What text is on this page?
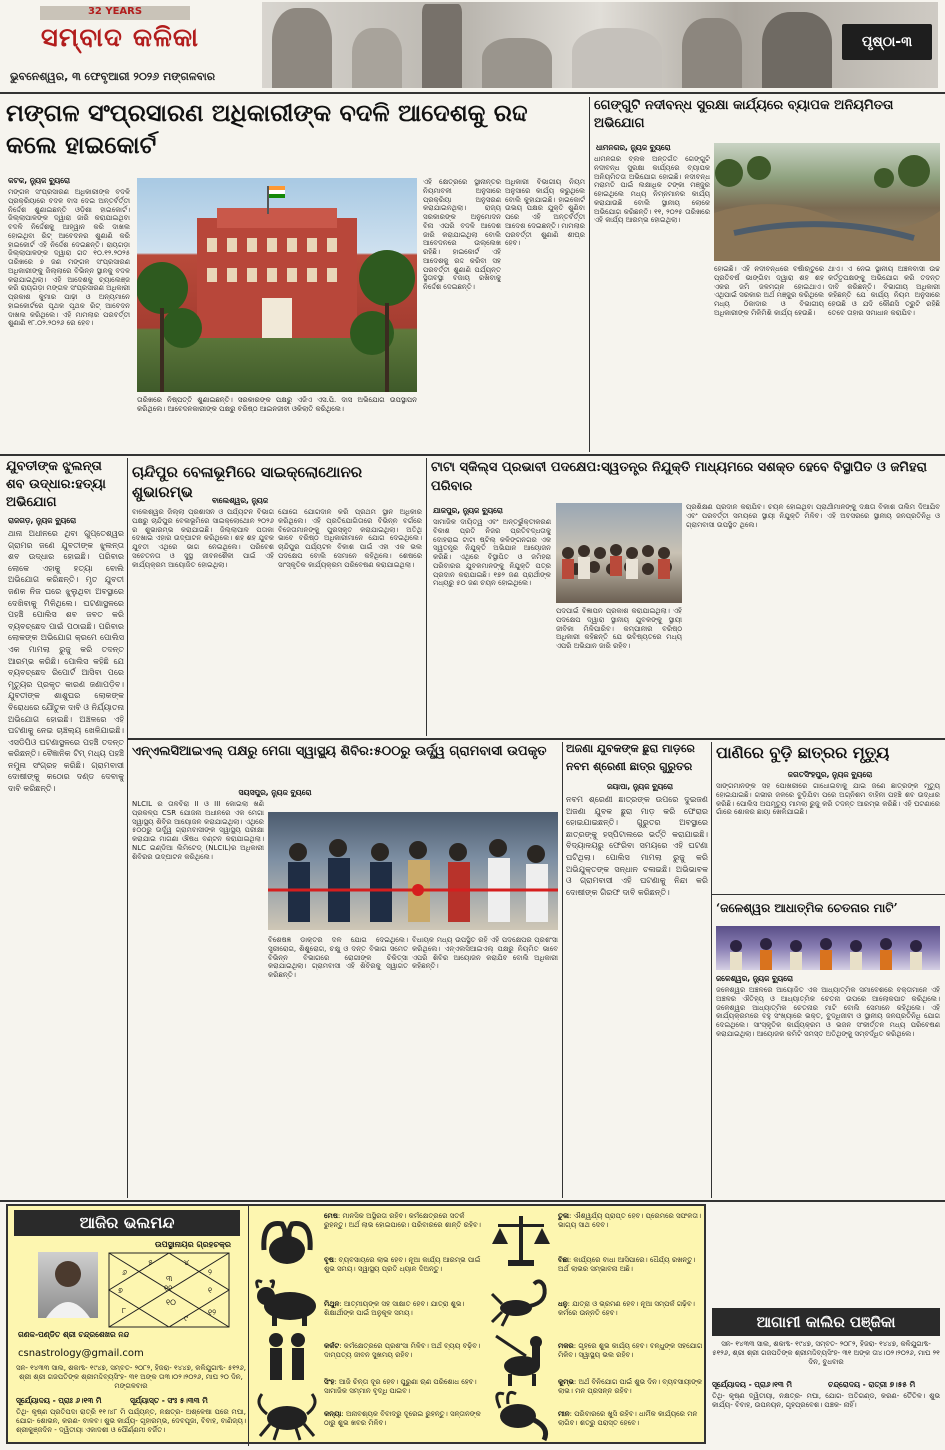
32 YEARS
ସମ୍ବାଦ କଳିକା
ଭୁବନେଶ୍ୱର, ୩ ଫେବୃଆରୀ ୨୦୨୬ ମଙ୍ଗଳବାର
ପୃଷ୍ଠା-୩
ମଙ୍ଗଳ ସଂପ୍ରସାରଣ ଅଧିକାରୀଙ୍କ ବଦଳି ଆଦେଶକୁ ରଦ୍ଦ କଲେ ହାଇକୋର୍ଟ
କଟକ, ନ୍ୟୁଜ ବ୍ୟୁରୋ
ମଙ୍ଗଳ ସଂପ୍ରସାରଣ ଅଧିକାରୀଙ୍କ ବଦଳି ପ୍ରକ୍ରିୟାରେ ବଦଳ ବାସ ଦେଇ ଅନ୍ତର୍ବର୍ତ୍ତୀ ନିର୍ଦ୍ଦେଶ ଶୁଣାଇଛନ୍ତି ଓଡ଼ିଶା ହାଇକୋର୍ଟ। ଜିଲ୍ଲାପାଳଙ୍କ ଦ୍ୱାରା ଜାରି କରାଯାଇଥିବା ବଦଳି ନିର୍ଦ୍ଦେଶକୁ ଆହ୍ୱାନ କରି ଦାଖଲ ହୋଇଥିବା ରିଟ୍ ଆବେଦନର ଶୁଣାଣି କରି ହାଇକୋର୍ଟ ଏହି ନିର୍ଦ୍ଦେଶ ଦେଇଛନ୍ତି। ରାୟଗଡ଼ା ଜିଲ୍ଲାପାଳଙ୍କ ଦ୍ୱାରା ଗତ ୧୦.୧୨.୨୦୨୫ ତାରିଖରେ ୭ ଜଣ ମଙ୍ଗଳ ସଂପ୍ରସାରଣ ଅଧିକାରୀଙ୍କୁ ଜିଲ୍ଲାରେ ବିଭିନ୍ନ ସ୍ଥାନକୁ ବଦଳ କରାଯାଇଥିଲା। ଏହି ଆଦେଶକୁ ଚ୍ୟାଲେଞ୍ଜ କରି ରାୟଗଡ଼ା ମଙ୍ଗଳ ସଂପ୍ରସାରଣ ଅଧିକାରୀ ପ୍ରକାଶ କୁମାର ପାଢ଼ୀ ଓ ଅନ୍ୟମାନେ ହାଇକୋର୍ଟରେ ପୃଥକ ପୃଥକ ରିଟ୍ ଆବେଦନ ଦାଖଲ କରିଥିଲେ। ଏହି ମାମଲାର ପରବର୍ତ୍ତୀ ଶୁଣାଣି ୧୮.୦୨.୨୦୨୬ ରେ ହେବ।
ତାରିଖରେ ନିଷ୍ପତ୍ତି ଶୁଣାଇଛନ୍ତି। ସରକାରଙ୍କ ପକ୍ଷରୁ ଏଜିଏ ଏସ.ପି. ଦାସ ଅଭିଯୋଗ ଉପସ୍ଥାପନ କରିଥିଲେ। ଆବେଦନକାରୀଙ୍କ ପକ୍ଷରୁ ବରିଷ୍ଠ ଆଇନଜୀବୀ ଓକିଲାତି କରିଥିଲେ।
ଏହି କ୍ଷେତ୍ରରେ ସ୍ଥାନାନ୍ତର ନିୟମାବଳୀ ଅନୁସାରେ ପ୍ରକ୍ରିୟା ଅନୁସରଣ କରାଯାଇନଥିଲା। ରାଜ୍ୟ ସରକାରଙ୍କ ଅନୁମୋଦନ ବିନା ଏପରି ବଦଳି ଆଦେଶ ଜାରି କରାଯାଇଥିଲା ବୋଲି ଆବେଦନରେ ଉଲ୍ଲେଖ ରହିଛି। ହାଇକୋର୍ଟ ଏହି ଆଦେଶକୁ ରଦ୍ଦ କରିବା ସହ ପରବର୍ତ୍ତୀ ଶୁଣାଣି ପର୍ଯ୍ୟନ୍ତ ସ୍ଥିତାବସ୍ଥା ବଜାୟ ରଖିବାକୁ ନିର୍ଦ୍ଦେଶ ଦେଇଛନ୍ତି।
ଅଧିକାରୀ ବିଭାଗୀୟ ନିୟମ ଅନୁସାରେ କାର୍ଯ୍ୟ କରୁଥିଲେ ବୋଲି କୁହାଯାଇଛି। ହାଇକୋର୍ଟ ଉଭୟ ପକ୍ଷର ଯୁକ୍ତି ଶୁଣିବା ପରେ ଏହି ଅନ୍ତର୍ବର୍ତ୍ତୀ ଆଦେଶ ଦେଇଛନ୍ତି। ମାମଲାର ପରବର୍ତ୍ତୀ ଶୁଣାଣି ଶୀଘ୍ର ହେବ।
ଗେଙ୍ଗୁଟି ନଦୀବନ୍ଧ ସୁରକ୍ଷା କାର୍ଯ୍ୟରେ ବ୍ୟାପକ ଅନିୟମିତତା ଅଭିଯୋଗ
ଧାମନଗର, ନ୍ୟୁଜ ବ୍ୟୁରୋ
ଧାମନଗର ବ୍ଲକ ଅନ୍ତର୍ଗତ ଗେଙ୍ଗୁଟି ନଦୀବନ୍ଧ ସୁରକ୍ଷା କାର୍ଯ୍ୟରେ ବ୍ୟାପକ ଅନିୟମିତତା ଅଭିଯୋଗ ହୋଇଛି। ନଦୀବନ୍ଧ ମରାମତି ପାଇଁ ଲକ୍ଷାଧିକ ଟଙ୍କା ମଞ୍ଜୁର ହୋଇଥିଲେ ମଧ୍ୟ ନିମ୍ନମାନର କାର୍ଯ୍ୟ କରାଯାଉଛି ବୋଲି ସ୍ଥାନୀୟ ଲୋକେ ଅଭିଯୋଗ କରିଛନ୍ତି। ୧୧, ୨୦୨୫ ତାରିଖରେ ଏହି କାର୍ଯ୍ୟ ଆରମ୍ଭ ହୋଇଥିଲା।
ହୋଇଛି। ଏହି ନଦୀବନ୍ଧରେ ବର୍ଷାଋତୁରେ ପ୍ରତିବର୍ଷ ଭାଙ୍ଗିବା ଦ୍ୱାରା ଶହ ଶହ ଏକର ଜମି ଜଳମଗ୍ନ ହୋଇଥାଏ। ଏଥିପାଇଁ ସରକାର ଅର୍ଥ ମଞ୍ଜୁର କରିଥିଲେ ମଧ୍ୟ ଠିକାଦାର ଓ ବିଭାଗୀୟ ଅଧିକାରୀଙ୍କ ମିଳିମିଶି କାର୍ଯ୍ୟ ହେଉଛି।
ଥାଏ। ଏ ନେଇ ସ୍ଥାନୀୟ ଅଞ୍ଚଳବାସୀ ଉଚ୍ଚ କର୍ତ୍ତୃପକ୍ଷଙ୍କୁ ଅଭିଯୋଗ କରି ତଦନ୍ତ ଦାବି କରିଛନ୍ତି। ବିଭାଗୀୟ ଅଧିକାରୀ କହିଛନ୍ତି ଯେ କାର୍ଯ୍ୟ ନିୟମ ଅନୁସାରେ ହେଉଛି ଓ ଯଦି କୌଣସି ତ୍ରୁଟି ରହିଛି ତେବେ ତାହାର ସମାଧାନ କରାଯିବ।
ଯୁବତୀଙ୍କ ଝୁଲନ୍ତା ଶବ ଉଦ୍ଧାର:ହତ୍ୟା ଅଭିଯୋଗ
ରାଜଗଡ଼, ନ୍ୟୁଜ ବ୍ୟୁରୋ
ଥାନା ଅଧୀନରେ ଥିବା ଗୁପ୍ତେଶ୍ୱର ଗ୍ରାମର ଜଣେ ଯୁବତୀଙ୍କ ଝୁଲନ୍ତା ଶବ ଉଦ୍ଧାର ହୋଇଛି। ପରିବାର ଲୋକେ ଏହାକୁ ହତ୍ୟା ବୋଲି ଅଭିଯୋଗ କରିଛନ୍ତି। ମୃତ ଯୁବତୀ ଜଣକ ନିଜ ଘରେ ଝୁଲୁଥିବା ଅବସ୍ଥାରେ ଦେଖିବାକୁ ମିଳିଥିଲେ। ଘଟଣାସ୍ଥଳରେ ପହଞ୍ଚି ପୋଲିସ ଶବ ଜବତ କରି ବ୍ୟବଚ୍ଛେଦ ପାଇଁ ପଠାଇଛି। ପରିବାର ଲୋକଙ୍କ ଅଭିଯୋଗ କ୍ରମେ ପୋଲିସ ଏକ ମାମଲା ରୁଜୁ କରି ତଦନ୍ତ ଆରମ୍ଭ କରିଛି। ପୋଲିସ କହିଛି ଯେ ବ୍ୟବଚ୍ଛେଦ ରିପୋର୍ଟ ଆସିବା ପରେ ମୃତ୍ୟୁର ପ୍ରକୃତ କାରଣ ଜଣାପଡ଼ିବ। ଯୁବତୀଙ୍କ ଶାଶୁଘର ଲୋକଙ୍କ ବିରୋଧରେ ଯୌତୁକ ଦାବି ଓ ନିର୍ଯ୍ୟାତନା ଅଭିଯୋଗ ହୋଇଛି। ଅଞ୍ଚଳରେ ଏହି ଘଟଣାକୁ ନେଇ ଚାଞ୍ଚଲ୍ୟ ଖେଳିଯାଇଛି। ଏସଡିପିଓ ଘଟଣାସ୍ଥଳରେ ପହଞ୍ଚି ତଦନ୍ତ କରିଛନ୍ତି। ବୈଜ୍ଞାନିକ ଟିମ୍ ମଧ୍ୟ ପହଞ୍ଚି ନମୁନା ସଂଗ୍ରହ କରିଛି। ଗ୍ରାମବାସୀ ଦୋଷୀଙ୍କୁ କଠୋର ଦଣ୍ଡ ଦେବାକୁ ଦାବି କରିଛନ୍ତି।
ଚାନ୍ଦିପୁର ବେଳାଭୂମିରେ ସାଇକ୍ଲୋଥୋନର ଶୁଭାରମ୍ଭ	ବାଲେଶ୍ୱର, ନ୍ୟୁଜ
ବାଲେଶ୍ୱର ଜିଲ୍ଲା ପ୍ରଶାସନ ଓ ପର୍ଯ୍ୟଟନ ବିଭାଗ ପକ୍ଷରୁ ଚାନ୍ଦିପୁର ବେଳାଭୂମିରେ ସାଇକ୍ଲୋଥୋନ ୨୦୨୬ ର ଶୁଭାରମ୍ଭ କରାଯାଇଛି। ଜିଲ୍ଲାପାଳ ପତାକା ଦେଖାଇ ଏହାର ଉଦ୍‌ଘାଟନ କରିଥିଲେ। ଶହ ଶହ ଯୁବକ ଯୁବତୀ ଏଥିରେ ଭାଗ ନେଇଥିଲେ। ପରିବେଶ ସଚେତନତା ଓ ସୁସ୍ଥ ଜୀବନଶୈଳୀ ପାଇଁ ଏହି କାର୍ଯ୍ୟକ୍ରମ ଆୟୋଜିତ ହୋଇଥିଲା।
ଯୋଗେ ଯୋଗଦାନ କରି ପ୍ରଥମ ସ୍ଥାନ ଅଧିକାର କରିଥିଲେ। ଏହି ପ୍ରତିଯୋଗିତାରେ ବିଭିନ୍ନ ବର୍ଗରେ ବିଜେତାମାନଙ୍କୁ ପୁରସ୍କୃତ କରାଯାଇଥିଲା। ଅତିଥି ଭାବେ ବରିଷ୍ଠ ଅଧିକାରୀମାନେ ଯୋଗ ଦେଇଥିଲେ। ଚାନ୍ଦିପୁର ପର୍ଯ୍ୟଟନ ବିକାଶ ପାଇଁ ଏହା ଏକ ଭଲ ପଦକ୍ଷେପ ବୋଲି ସେମାନେ କହିଥିଲେ। ଶେଷରେ ସାଂସ୍କୃତିକ କାର୍ଯ୍ୟକ୍ରମ ପରିବେଷଣ କରାଯାଇଥିଲା।
ଟାଟା ସ୍କିଲ୍ସ ପ୍ରଭାବୀ ପଦକ୍ଷେପ:ସ୍ୱତନ୍ତ୍ର ନିଯୁକ୍ତି ମାଧ୍ୟମରେ ସଶକ୍ତ ହେବେ ବିସ୍ଥାପିତ ଓ ଜମିହରା ପରିବାର
ଯାଜପୁର, ନ୍ୟୁଜ ବ୍ୟୁରୋ
ସାମାଜିକ ଦାୟିତ୍ୱ ଏବଂ ଅନ୍ତର୍ଭୁକ୍ତୀକରଣ ବିକାଶ ପ୍ରତି ନିଜର ପ୍ରତିବଦ୍ଧତାକୁ ଦୋହରାଇ ଟାଟା ଷ୍ଟିଲ୍ କଳିଙ୍ଗନଗର ଏକ ସ୍ୱତନ୍ତ୍ର ନିଯୁକ୍ତି ଅଭିଯାନ ଆୟୋଜନ କରିଛି। ଏଥିରେ ବିସ୍ଥାପିତ ଓ ଜମିହରା ପରିବାରର ଯୁବକମାନଙ୍କୁ ନିଯୁକ୍ତି ପତ୍ର ପ୍ରଦାନ କରାଯାଇଛି। ୧୭୨ ଜଣ ପ୍ରାର୍ଥୀଙ୍କ ମଧ୍ୟରୁ ୫୦ ଜଣ ଚୟନ ହୋଇଥିଲେ।
ପଦପାଇଁ ବିଜ୍ଞାପନ ପ୍ରକାଶ କରାଯାଇଥିଲା। ଏହି ପଦକ୍ଷେପ ଦ୍ୱାରା ସ୍ଥାନୀୟ ଯୁବକଙ୍କୁ ସ୍ଥାୟୀ ଜୀବିକା ମିଳିପାରିବ। କମ୍ପାନୀର ବରିଷ୍ଠ ଅଧିକାରୀ କହିଛନ୍ତି ଯେ ଭବିଷ୍ୟତରେ ମଧ୍ୟ ଏପରି ଅଭିଯାନ ଜାରି ରହିବ।
ପ୍ରଶିକ୍ଷଣ ପ୍ରଦାନ କରାଯିବ। ଚୟନ ହୋଇଥିବା ପ୍ରାର୍ଥୀମାନଙ୍କୁ ଦକ୍ଷତା ବିକାଶ ତାଲିମ ଦିଆଯିବ ଏବଂ ପରବର୍ତ୍ତୀ ସମୟରେ ସ୍ଥାୟୀ ନିଯୁକ୍ତି ମିଳିବ। ଏହି ଅବସରରେ ସ୍ଥାନୀୟ ଜନପ୍ରତିନିଧି ଓ ଗ୍ରାମବାସୀ ଉପସ୍ଥିତ ଥିଲେ।
ଏନ୍‌ଏଲସିଆଇଏଲ୍ ପକ୍ଷରୁ ମେଗା ସ୍ୱାସ୍ଥ୍ୟ ଶିବିର:୫୦୦ରୁ ଊର୍ଦ୍ଧ୍ୱ ଗ୍ରାମବାସୀ ଉପକୃତ
ସୟସପୁର, ନ୍ୟୁଜ ବ୍ୟୁରୋ
NLCIL ର ତାଳବିରା II ଓ III କୋଇଲା ଖଣି ପ୍ରକଳ୍ପ CSR ଯୋଜନା ଅଧୀନରେ ଏକ ମେଗା ସ୍ୱାସ୍ଥ୍ୟ ଶିବିର ଆୟୋଜନ କରାଯାଇଥିଲା। ଏଥିରେ ୫୦୦ରୁ ଊର୍ଦ୍ଧ୍ୱ ଗ୍ରାମବାସୀଙ୍କ ସ୍ୱାସ୍ଥ୍ୟ ପରୀକ୍ଷା କରାଯାଇ ମାଗଣା ଔଷଧ ବଣ୍ଟନ କରାଯାଇଥିଲା। NLC ଇଣ୍ଡିଆ ଲିମିଟେଡ୍ (NLCIL)ର ଅଧିକାରୀ ଶିବିରର ଉଦ୍‌ଘାଟନ କରିଥିଲେ।
ବିଶେଷଜ୍ଞ ଡାକ୍ତର ଦଳ ଯୋଗ ଦେଇଥିଲେ। ସ୍ତ୍ରୀରୋଗ, ଶିଶୁରୋଗ, ଚକ୍ଷୁ ଓ ଦନ୍ତ ବିଭାଗ ସମେତ ବିଭିନ୍ନ ବିଭାଗରେ ରୋଗୀଙ୍କ ଚିକିତ୍ସା କରାଯାଇଥିଲା। ଗ୍ରାମବାସୀ ଏହି ଶିବିରକୁ ସ୍ୱାଗତ କରିଛନ୍ତି।
ବିଧାୟକ ମଧ୍ୟ ଉପସ୍ଥିତ ରହି ଏହି ପଦକ୍ଷେପର ପ୍ରଶଂସା କରିଥିଲେ। ଏନ୍‌ଏଲସିଆଇଏଲ୍ ପକ୍ଷରୁ ନିୟମିତ ଭାବେ ଏପରି ଶିବିର ଆୟୋଜନ କରାଯିବ ବୋଲି ଅଧିକାରୀ କହିଛନ୍ତି।
ଅଜଣା ଯୁବକଙ୍କ ଛୁରା ମାଡ଼ରେ
ନବମ ଶ୍ରେଣୀ ଛାତ୍ର ଗୁରୁତର
ଜୟାପା, ନ୍ୟୁଜ ବ୍ୟୁରୋ
ନବମ ଶ୍ରେଣୀ ଛାତ୍ରଙ୍କ ଉପରେ ଦୁଇଜଣ ଅଜଣା ଯୁବକ ଛୁରା ମାଡ଼ କରି ଫେରାର ହୋଇଯାଇଛନ୍ତି। ଗୁରୁତର ଅବସ୍ଥାରେ ଛାତ୍ରଙ୍କୁ ହସ୍ପିଟାଲରେ ଭର୍ତ୍ତି କରାଯାଇଛି। ବିଦ୍ୟାଳୟରୁ ଫେରିବା ସମୟରେ ଏହି ଘଟଣା ଘଟିଥିଲା। ପୋଲିସ ମାମଲା ରୁଜୁ କରି ଅଭିଯୁକ୍ତଙ୍କ ସନ୍ଧାନ ଚଳାଇଛି। ଅଭିଭାବକ ଓ ଗ୍ରାମବାସୀ ଏହି ଘଟଣାକୁ ନିନ୍ଦା କରି ଦୋଷୀଙ୍କ ଗିରଫ ଦାବି କରିଛନ୍ତି।
ପାଣିରେ ବୁଡ଼ି ଛାତ୍ରର ମୃତ୍ୟୁ
ଜଗତସିଂହପୁର, ନ୍ୟୁଜ ବ୍ୟୁରୋ
ସାଙ୍ଗମାନଙ୍କ ସହ ପୋଖରୀରେ ଗାଧୋଇବାକୁ ଯାଇ ଜଣେ ଛାତ୍ରଙ୍କ ମୃତ୍ୟୁ ହୋଇଯାଇଛି। ଗଭୀର ଜଳରେ ବୁଡ଼ିଯିବା ପରେ ଅଗ୍ନିଶମ ବାହିନୀ ପହଞ୍ଚି ଶବ ଉଦ୍ଧାର କରିଛି। ପୋଲିସ ଅପମୃତ୍ୟୁ ମାମଲା ରୁଜୁ କରି ତଦନ୍ତ ଆରମ୍ଭ କରିଛି। ଏହି ଘଟଣାରେ ଗାଁରେ ଶୋକର ଛାୟା ଖେଳିଯାଇଛି।
‘ଜଳେଶ୍ୱର ଆଧାତ୍ମିକ ଚେତନାର ମାଟି’
ଜଳେଶ୍ୱର, ନ୍ୟୁଜ ବ୍ୟୁରୋ
ଜଳେଶ୍ୱର ଅଞ୍ଚଳରେ ଆୟୋଜିତ ଏକ ଆଧ୍ୟାତ୍ମିକ ସମାବେଶରେ ବକ୍ତାମାନେ ଏହି ଅଞ୍ଚଳର ଐତିହ୍ୟ ଓ ଆଧ୍ୟାତ୍ମିକ ଚେତନା ଉପରେ ଆଲୋକପାତ କରିଥିଲେ। ଜଳେଶ୍ୱର ଆଧ୍ୟାତ୍ମିକ ଚେତନାର ମାଟି ବୋଲି ସେମାନେ କହିଥିଲେ। ଏହି କାର୍ଯ୍ୟକ୍ରମରେ ବହୁ ସଂଖ୍ୟାରେ ଭକ୍ତ, ବୁଦ୍ଧିଜୀବୀ ଓ ସ୍ଥାନୀୟ ଜନପ୍ରତିନିଧି ଯୋଗ ଦେଇଥିଲେ। ସାଂସ୍କୃତିକ କାର୍ଯ୍ୟକ୍ରମ ଓ ଭଜନ ସଂକୀର୍ତ୍ତନ ମଧ୍ୟ ପରିବେଷଣ କରାଯାଇଥିଲା। ଆୟୋଜକ କମିଟି ସମସ୍ତ ଅତିଥିଙ୍କୁ ସମ୍ବର୍ଦ୍ଧିତ କରିଥିଲେ।
ଆଜିର ଭଲମନ୍ଦ
ଉପସ୍ଥାନାୟର ଗ୍ରହଚକ୍ର
୫	୪
୨
୬
୩
୧୧
୭	୧
୮
୧୦
୯
୧୨
ଗଣକ-ପଣ୍ଡିତ ଶ୍ରୀ ଚନ୍ଦ୍ରଶେଖର ନନ୍ଦ
csnastrology@gmail.com
ସନ- ୧୪୩୩ ସାଲ, ଶକାବ୍ଦ- ୧୯୪୭, ସମ୍ବତ- ୨୦୮୨, ହିଜରା- ୧୪୪୭, କଳିଯୁଗାବ୍ଦ- ୫୧୨୬, ଶ୍ରୀ ଶ୍ରୀ ଗଜପତିଙ୍କ ଶ୍ରୀମଦ୍ଦିବ୍ୟସିଂହ- ୩୧ ଅଙ୍କ ତା୩।୦୨।୨୦୨୬, ମାଘ ୨୦ ଦିନ, ମଙ୍ଗଳବାର
ସୂର୍ଯ୍ୟୋଦୟ - ପ୍ରାଃ ୬।୧୩ ମି	ସୂର୍ଯ୍ୟାସ୍ତ - ସଂଃ ୫।୩୩ ମି
ତିଥି- କୃଷ୍ଣ ପ୍ରତିପଦା ରାତ୍ରି ୧୧।୪୮ ମି ପର୍ଯ୍ୟନ୍ତ, ନକ୍ଷତ୍ର- ଅଶ୍ଳେଷା ପରେ ମଘା, ଯୋଗ- ଶୋଭନ, କରଣ- ବାଳବ। ଶୁଭ କାର୍ଯ୍ୟ- ଗୃହାରମ୍ଭ, ଦେବପୂଜା, ବିବାହ, ବାଣିଜ୍ୟ। ଶ୍ରୀକୁଞ୍ଜଦିନ - ଦ୍ୱିତୀୟା ଏକାଦଶୀ ଓ ପୌର୍ଣ୍ଣମୀ ବର୍ଜିତ।
ମେଷ: ମାନସିକ ଅସ୍ଥିରତା ରହିବ। କର୍ମକ୍ଷେତ୍ରରେ ସତର୍କ ରୁହନ୍ତୁ। ଅର୍ଥ ଲାଭ ହୋଇପାରେ। ପରିବାରରେ ଶାନ୍ତି ରହିବ।
ବୃଷ: ବ୍ୟବସାୟରେ ଲାଭ ହେବ। ନୂଆ କାର୍ଯ୍ୟ ଆରମ୍ଭ ପାଇଁ ଶୁଭ ସମୟ। ସ୍ୱାସ୍ଥ୍ୟ ପ୍ରତି ଧ୍ୟାନ ଦିଅନ୍ତୁ।
ମିଥୁନ: ଆତ୍ମୀୟଙ୍କ ସହ ସାକ୍ଷାତ ହେବ। ଯାତ୍ରା ଶୁଭ। ଶିକ୍ଷାର୍ଥୀଙ୍କ ପାଇଁ ଅନୁକୂଳ ସମୟ।
କର୍କଟ: କର୍ମକ୍ଷେତ୍ରରେ ପ୍ରଶଂସା ମିଳିବ। ଅର୍ଥ ବ୍ୟୟ ବଢ଼ିବ। ଦାମ୍ପତ୍ୟ ଜୀବନ ସୁଖମୟ ରହିବ।
ସିଂହ: ଆଜି ଚିନ୍ତା ଦୂର ହେବ। ପୁରୁଣା ଋଣ ପରିଶୋଧ ହେବ। ସାମାଜିକ ସମ୍ମାନ ବୃଦ୍ଧି ପାଇବ।
କନ୍ୟା: ଅନାବଶ୍ୟକ ବିବାଦରୁ ଦୂରେଇ ରୁହନ୍ତୁ। ସନ୍ତାନଙ୍କ ଠାରୁ ଶୁଭ ଖବର ମିଳିବ।
ତୁଳା: ଐଶ୍ୱର୍ଯ୍ୟ ପ୍ରାପ୍ତ ହେବ। ପ୍ରେମରେ ସଫଳତା। ଭାଗ୍ୟ ସାଥ ଦେବ।
ବିଛା: କାର୍ଯ୍ୟରେ ବାଧା ଆସିପାରେ। ଧୈର୍ଯ୍ୟ ରଖନ୍ତୁ। ଅର୍ଥ ଲାଭର ସମ୍ଭାବନା ଅଛି।
ଧନୁ: ଯାତ୍ରା ଓ ଭ୍ରମଣ ହେବ। ନୂଆ ସମ୍ପର୍କ ଗଢ଼ିବ। କର୍ମରେ ଉନ୍ନତି ହେବ।
ମକର: ଗୃହରେ ଶୁଭ କାର୍ଯ୍ୟ ହେବ। ବନ୍ଧୁଙ୍କ ସହଯୋଗ ମିଳିବ। ସ୍ୱାସ୍ଥ୍ୟ ଭଲ ରହିବ।
କୁମ୍ଭ: ଅର୍ଥ ବିନିଯୋଗ ପାଇଁ ଶୁଭ ଦିନ। ବ୍ୟବସାୟୀଙ୍କ ଲାଭ। ମନ ପ୍ରସନ୍ନ ରହିବ।
ମୀନ: ପରିବାରରେ ଖୁସି ରହିବ। ଧାର୍ମିକ କାର୍ଯ୍ୟରେ ମନ ଲାଗିବ। ଶତ୍ରୁ ପରାସ୍ତ ହେବେ।
ଆଗାମୀ କାଲିର ପଞ୍ଜିକା
ସନ- ୧୪୩୩ ସାଲ, ଶକାବ୍ଦ- ୧୯୪୭, ସମ୍ବତ- ୨୦୮୨, ହିଜରା- ୧୪୪୭, କଳିଯୁଗାବ୍ଦ- ୫୧୨୬, ଶ୍ରୀ ଶ୍ରୀ ଗଜପତିଙ୍କ ଶ୍ରୀମଦ୍ଦିବ୍ୟସିଂହ- ୩୧ ଅଙ୍କ ତା୪।୦୨।୨୦୨୬, ମାଘ ୨୧ ଦିନ, ବୁଧବାର
ସୂର୍ଯ୍ୟୋଦୟ - ପ୍ରା୬।୧୩ ମି	ଚନ୍ଦ୍ରୋଦୟ - ରାତ୍ରୀ ୭।୫୫ ମି
ତିଥି- କୃଷ୍ଣ ଦ୍ୱିତୀୟା, ନକ୍ଷତ୍ର- ମଘା, ଯୋଗ- ଅତିଗଣ୍ଡ, କରଣ- ତୈତିଳ। ଶୁଭ କାର୍ଯ୍ୟ- ବିବାହ, ଉପନୟନ, ଗୃହପ୍ରବେଶ। ପଞ୍ଚକ- ନାହିଁ।
